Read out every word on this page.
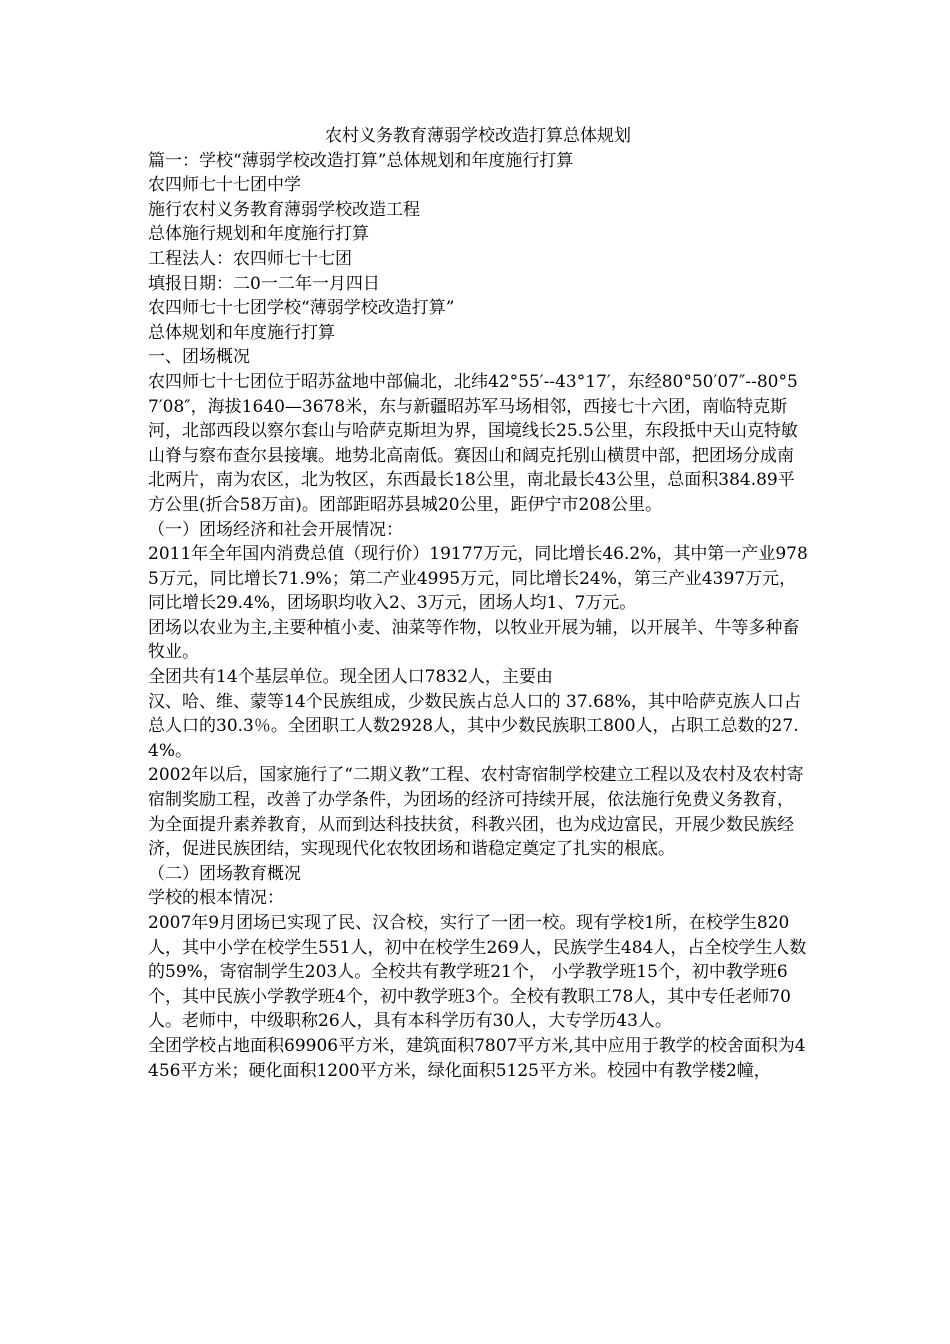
农村义务教育薄弱学校改造打算总体规划

篇一：学校“薄弱学校改造打算”总体规划和年度施行打算

农四师七十七团中学

施行农村义务教育薄弱学校改造工程

总体施行规划和年度施行打算

工程法人：农四师七十七团

填报日期：二0一二年一月四日

农四师七十七团学校“薄弱学校改造打算”

总体规划和年度施行打算

一、团场概况

农四师七十七团位于昭苏盆地中部偏北，北纬42°55′--43°17′，东经80°50′07″--80°57′08″，海拔1640—3678米，东与新疆昭苏军马场相邻，西接七十六团，南临特克斯河，北部西段以察尔套山与哈萨克斯坦为界，国境线长25.5公里，东段抵中天山克特敏山脊与察布查尔县接壤。地势北高南低。赛因山和阔克托别山横贯中部，把团场分成南北两片，南为农区，北为牧区，东西最长18公里，南北最长43公里，总面积384.89平方公里(折合58万亩)。团部距昭苏县城20公里，距伊宁市208公里。

（一）团场经济和社会开展情况：

2011年全年国内消费总值（现行价）19177万元，同比增长46.2%，其中第一产业9785万元，同比增长71.9%；第二产业4995万元，同比增长24%，第三产业4397万元，同比增长29.4%，团场职均收入2、3万元，团场人均1、7万元。

团场以农业为主,主要种植小麦、油菜等作物，以牧业开展为辅，以开展羊、牛等多种畜牧业。

全团共有14个基层单位。现全团人口7832人，主要由

汉、哈、维、蒙等14个民族组成，少数民族占总人口的 37.68%，其中哈萨克族人口占总人口的30.3％。全团职工人数2928人，其中少数民族职工800人，占职工总数的27.4%。

2002年以后，国家施行了“二期义教”工程、农村寄宿制学校建立工程以及农村及农村寄宿制奖励工程，改善了办学条件，为团场的经济可持续开展，依法施行免费义务教育，为全面提升素养教育，从而到达科技扶贫，科教兴团，也为戍边富民，开展少数民族经济，促进民族团结，实现现代化农牧团场和谐稳定奠定了扎实的根底。

（二）团场教育概况

学校的根本情况：

2007年9月团场已实现了民、汉合校，实行了一团一校。现有学校1所，在校学生820人，其中小学在校学生551人，初中在校学生269人，民族学生484人，占全校学生人数的59%，寄宿制学生203人。全校共有教学班21个， 小学教学班15个，初中教学班6个，其中民族小学教学班4个，初中教学班3个。全校有教职工78人，其中专任老师70人。老师中，中级职称26人，具有本科学历有30人，大专学历43人。

全团学校占地面积69906平方米，建筑面积7807平方米,其中应用于教学的校舍面积为4456平方米；硬化面积1200平方米，绿化面积5125平方米。校园中有教学楼2幢，
